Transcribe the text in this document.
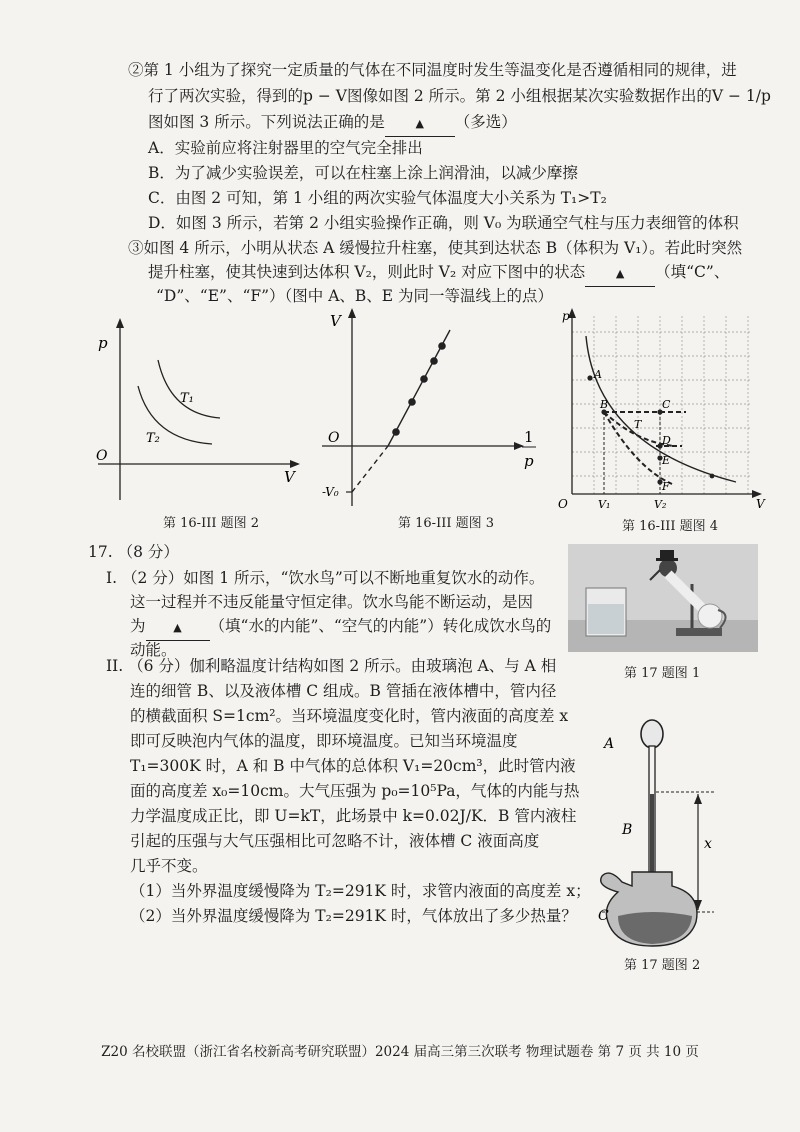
②第 1 小组为了探究一定质量的气体在不同温度时发生等温变化是否遵循相同的规律，进
行了两次实验，得到的p − V图像如图 2 所示。第 2 小组根据某次实验数据作出的V − 1/p
图如图 3 所示。下列说法正确的是	▲ （多选）
A．实验前应将注射器里的空气完全排出
B．为了减少实验误差，可以在柱塞上涂上润滑油，以减少摩擦
C．由图 2 可知，第 1 小组的两次实验气体温度大小关系为 T₁>T₂
D．如图 3 所示，若第 2 小组实验操作正确，则 V₀ 为联通空气柱与压力表细管的体积
③如图 4 所示，小明从状态 A 缓慢拉升柱塞，使其到达状态 B（体积为 V₁）。若此时突然
提升柱塞，使其快速到达体积 V₂，则此时 V₂ 对应下图中的状态	▲ （填“C”、
“D”、“E”、“F”）（图中 A、B、E 为同一等温线上的点）
p
V
O
T₁
T₂
第 16-III 题图 2
V
1
p
O
-V₀
第 16-III 题图 3
p
V
O
A
B	C
T
D
E
F
V₁	V₂
第 16-III 题图 4
17. （8 分）
I. （2 分）如图 1 所示，“饮水鸟”可以不断地重复饮水的动作。
这一过程并不违反能量守恒定律。饮水鸟能不断运动，是因
为	▲ （填“水的内能”、“空气的内能”）转化成饮水鸟的
动能。
第 17 题图 1
II. （6 分）伽利略温度计结构如图 2 所示。由玻璃泡 A、与 A 相
连的细管 B、以及液体槽 C 组成。B 管插在液体槽中，管内径
的横截面积 S=1cm²。当环境温度变化时，管内液面的高度差 x
即可反映泡内气体的温度，即环境温度。已知当环境温度
T₁=300K 时，A 和 B 中气体的总体积 V₁=20cm³，此时管内液
面的高度差 x₀=10cm。大气压强为 p₀=10⁵Pa，气体的内能与热
力学温度成正比，即 U=kT，此场景中 k=0.02J/K．B 管内液柱
引起的压强与大气压强相比可忽略不计，液体槽 C 液面高度
几乎不变。
（1）当外界温度缓慢降为 T₂=291K 时，求管内液面的高度差 x；
（2）当外界温度缓慢降为 T₂=291K 时，气体放出了多少热量？
A
B
C
x
第 17 题图 2
Z20 名校联盟（浙江省名校新高考研究联盟）2024 届高三第三次联考 物理试题卷 第 7 页 共 10 页
